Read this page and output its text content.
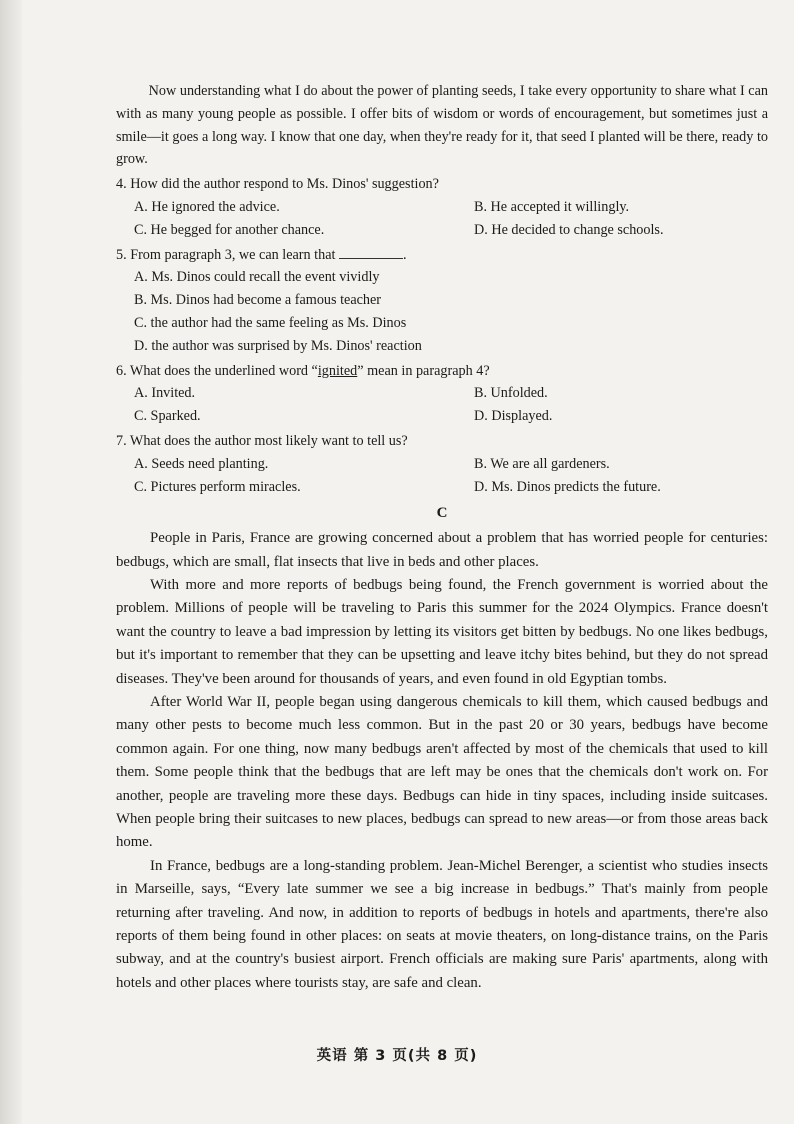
Now understanding what I do about the power of planting seeds, I take every opportunity to share what I can with as many young people as possible. I offer bits of wisdom or words of encouragement, but sometimes just a smile—it goes a long way. I know that one day, when they're ready for it, that seed I planted will be there, ready to grow.

4. How did the author respond to Ms. Dinos' suggestion?
A. He ignored the advice.	B. He accepted it willingly.
C. He begged for another chance.	D. He decided to change schools.
5. From paragraph 3, we can learn that	.
A. Ms. Dinos could recall the event vividly
B. Ms. Dinos had become a famous teacher
C. the author had the same feeling as Ms. Dinos
D. the author was surprised by Ms. Dinos' reaction
6. What does the underlined word “ignited” mean in paragraph 4?
A. Invited.	B. Unfolded.
C. Sparked.	D. Displayed.
7. What does the author most likely want to tell us?
A. Seeds need planting.	B. We are all gardeners.
C. Pictures perform miracles.	D. Ms. Dinos predicts the future.
C

People in Paris, France are growing concerned about a problem that has worried people for centuries: bedbugs, which are small, flat insects that live in beds and other places.

With more and more reports of bedbugs being found, the French government is worried about the problem. Millions of people will be traveling to Paris this summer for the 2024 Olympics. France doesn't want the country to leave a bad impression by letting its visitors get bitten by bedbugs. No one likes bedbugs, but it's important to remember that they can be upsetting and leave itchy bites behind, but they do not spread diseases. They've been around for thousands of years, and even found in old Egyptian tombs.

After World War II, people began using dangerous chemicals to kill them, which caused bedbugs and many other pests to become much less common. But in the past 20 or 30 years, bedbugs have become common again. For one thing, now many bedbugs aren't affected by most of the chemicals that used to kill them. Some people think that the bedbugs that are left may be ones that the chemicals don't work on. For another, people are traveling more these days. Bedbugs can hide in tiny spaces, including inside suitcases. When people bring their suitcases to new places, bedbugs can spread to new areas—or from those areas back home.

In France, bedbugs are a long-standing problem. Jean-Michel Berenger, a scientist who studies insects in Marseille, says, “Every late summer we see a big increase in bedbugs.” That's mainly from people returning after traveling. And now, in addition to reports of bedbugs in hotels and apartments, there're also reports of them being found in other places: on seats at movie theaters, on long-distance trains, on the Paris subway, and at the country's busiest airport. French officials are making sure Paris' apartments, along with hotels and other places where tourists stay, are safe and clean.

英语 第 3 页(共 8 页)
